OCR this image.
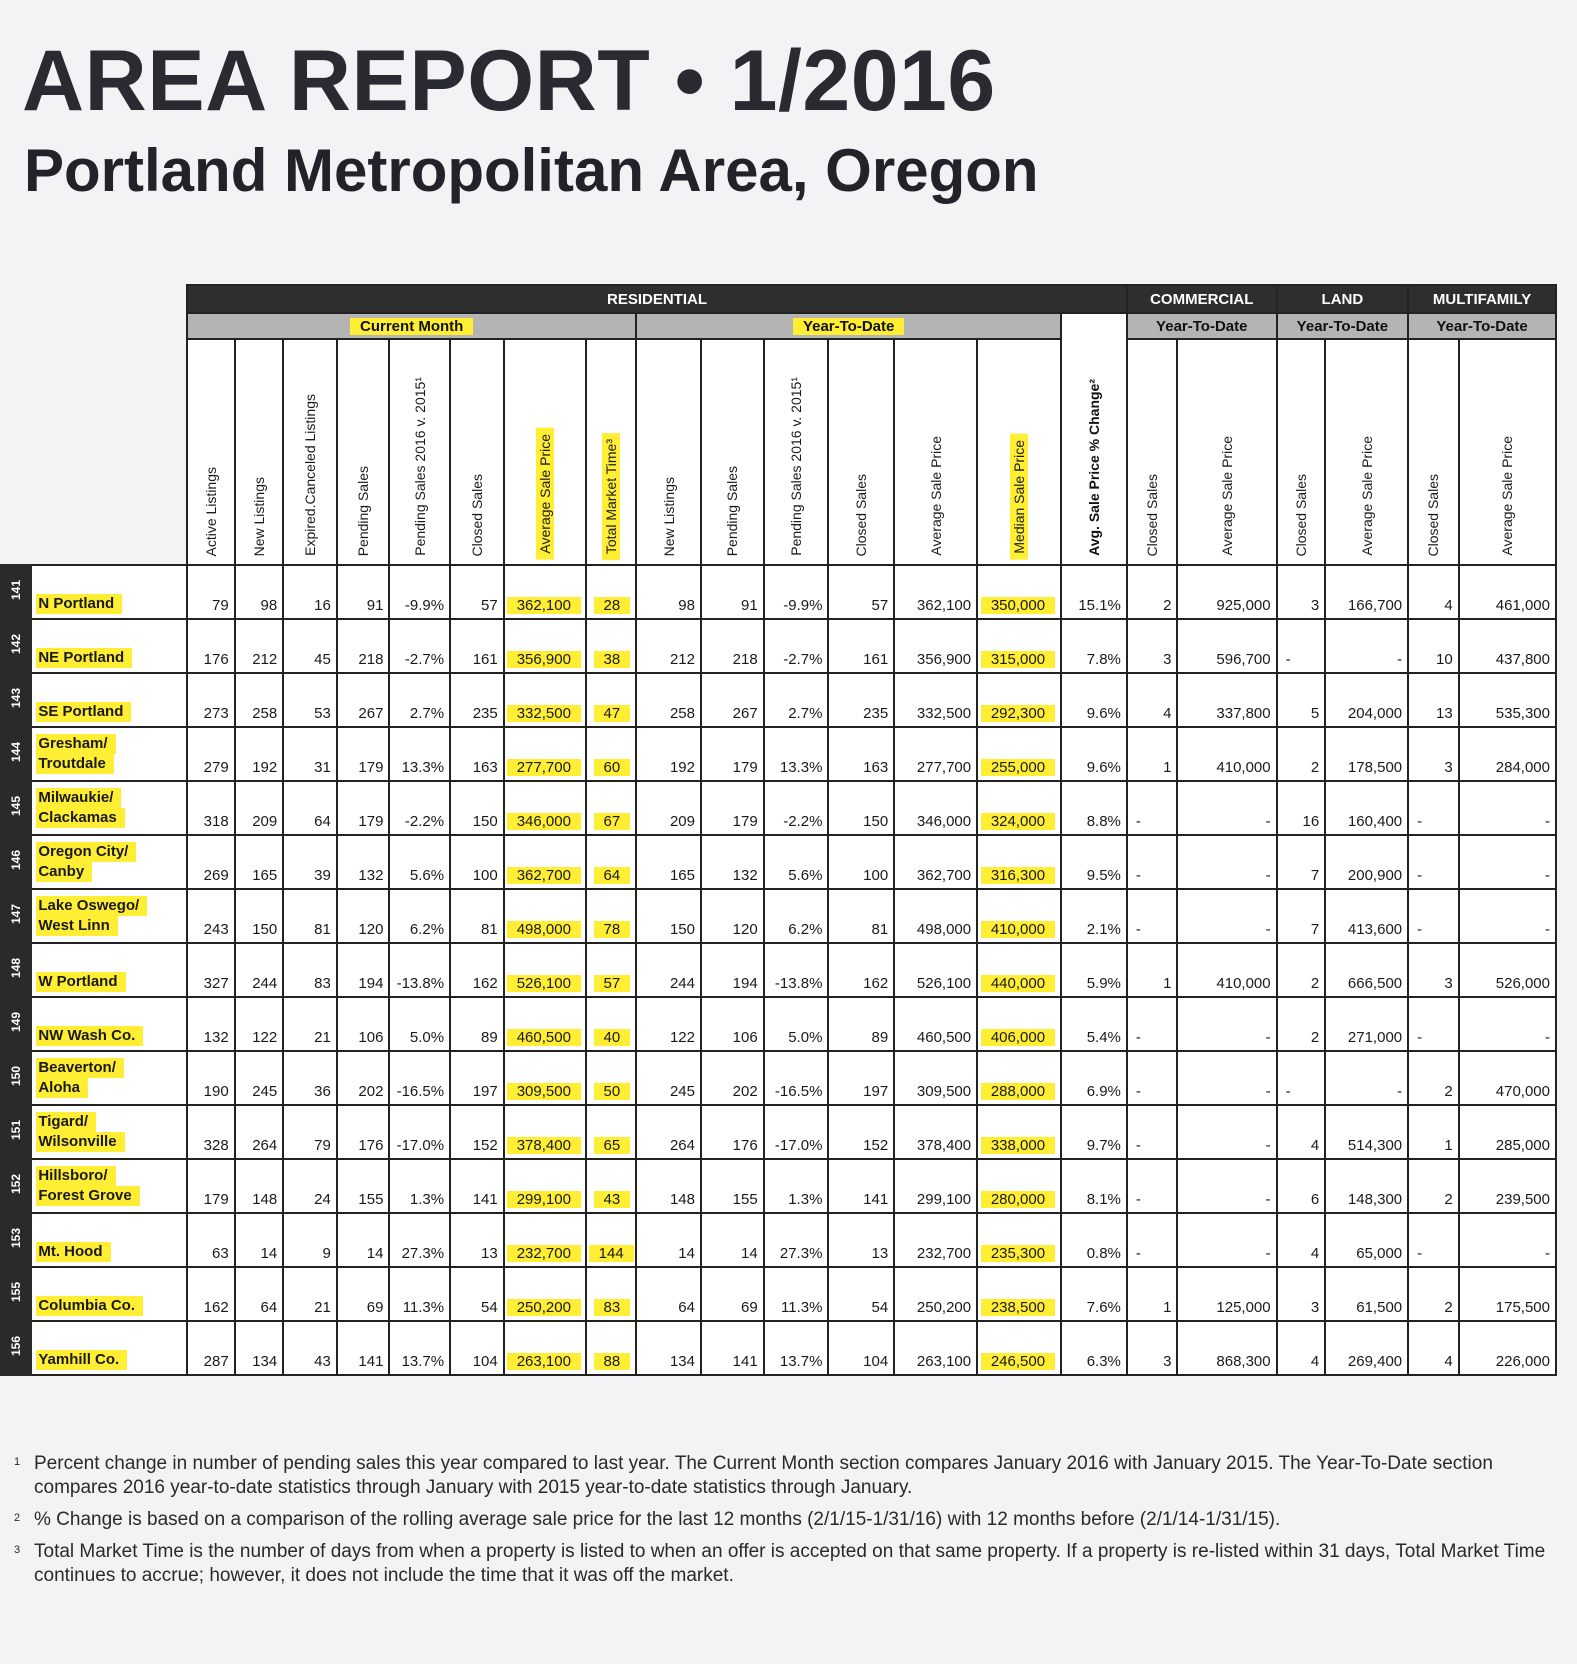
AREA REPORT • 1/2016
Portland Metropolitan Area, Oregon
		RESIDENTIAL															COMMERCIAL		LAND		MULTIFAMILY	
		Current Month								Year-To-Date						Avg. Sale Price % Change²	Year-To-Date		Year-To-Date		Year-To-Date	
		Active Listings	New Listings	Expired.Canceled Listings	Pending Sales	Pending Sales 2016 v. 2015¹	Closed Sales	Average Sale Price	Total Market Time³	New Listings	Pending Sales	Pending Sales 2016 v. 2015¹	Closed Sales	Average Sale Price	Median Sale Price		Closed Sales	Average Sale Price	Closed Sales	Average Sale Price	Closed Sales	Average Sale Price
141	N Portland	79	98	16	91	-9.9%	57	362,100	28	98	91	-9.9%	57	362,100	350,000	15.1%	2	925,000	3	166,700	4	461,000
142	NE Portland	176	212	45	218	-2.7%	161	356,900	38	212	218	-2.7%	161	356,900	315,000	7.8%	3	596,700	-	-	10	437,800
143	SE Portland	273	258	53	267	2.7%	235	332,500	47	258	267	2.7%	235	332,500	292,300	9.6%	4	337,800	5	204,000	13	535,300
144	Gresham/
Troutdale	279	192	31	179	13.3%	163	277,700	60	192	179	13.3%	163	277,700	255,000	9.6%	1	410,000	2	178,500	3	284,000
145	Milwaukie/
Clackamas	318	209	64	179	-2.2%	150	346,000	67	209	179	-2.2%	150	346,000	324,000	8.8%	-	-	16	160,400	-	-
146	Oregon City/
Canby	269	165	39	132	5.6%	100	362,700	64	165	132	5.6%	100	362,700	316,300	9.5%	-	-	7	200,900	-	-
147	Lake Oswego/
West Linn	243	150	81	120	6.2%	81	498,000	78	150	120	6.2%	81	498,000	410,000	2.1%	-	-	7	413,600	-	-
148	W Portland	327	244	83	194	-13.8%	162	526,100	57	244	194	-13.8%	162	526,100	440,000	5.9%	1	410,000	2	666,500	3	526,000
149	NW Wash Co.	132	122	21	106	5.0%	89	460,500	40	122	106	5.0%	89	460,500	406,000	5.4%	-	-	2	271,000	-	-
150	Beaverton/
Aloha	190	245	36	202	-16.5%	197	309,500	50	245	202	-16.5%	197	309,500	288,000	6.9%	-	-	-	-	2	470,000
151	Tigard/
Wilsonville	328	264	79	176	-17.0%	152	378,400	65	264	176	-17.0%	152	378,400	338,000	9.7%	-	-	4	514,300	1	285,000
152	Hillsboro/
Forest Grove	179	148	24	155	1.3%	141	299,100	43	148	155	1.3%	141	299,100	280,000	8.1%	-	-	6	148,300	2	239,500
153	Mt. Hood	63	14	9	14	27.3%	13	232,700	144	14	14	27.3%	13	232,700	235,300	0.8%	-	-	4	65,000	-	-
155	Columbia Co.	162	64	21	69	11.3%	54	250,200	83	64	69	11.3%	54	250,200	238,500	7.6%	1	125,000	3	61,500	2	175,500
156	Yamhill Co.	287	134	43	141	13.7%	104	263,100	88	134	141	13.7%	104	263,100	246,500	6.3%	3	868,300	4	269,400	4	226,000
1 Percent change in number of pending sales this year compared to last year. The Current Month section compares January 2016 with January 2015. The Year-To-Date section compares 2016 year-to-date statistics through January with 2015 year-to-date statistics through January.
2 % Change is based on a comparison of the rolling average sale price for the last 12 months (2/1/15-1/31/16) with 12 months before (2/1/14-1/31/15).
3 Total Market Time is the number of days from when a property is listed to when an offer is accepted on that same property. If a property is re-listed within 31 days, Total Market Time continues to accrue; however, it does not include the time that it was off the market.
